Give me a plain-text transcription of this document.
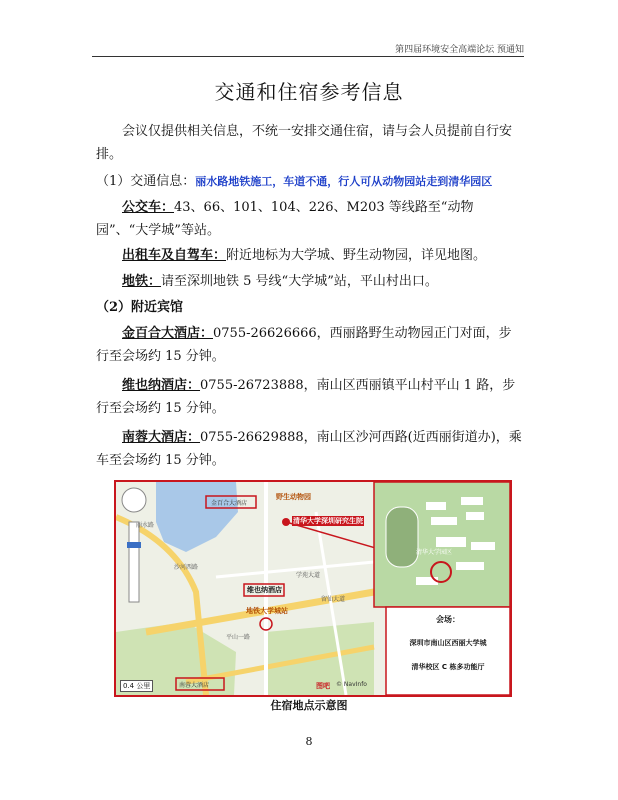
第四届环境安全高端论坛 预通知
交通和住宿参考信息
会议仅提供相关信息，不统一安排交通住宿，请与会人员提前自行安排。
（1）交通信息：丽水路地铁施工，车道不通，行人可从动物园站走到清华园区
公交车：43、66、101、104、226、M203 等线路至“动物园”、“大学城”等站。
出租车及自驾车：附近地标为大学城、野生动物园，详见地图。
地铁：请至深圳地铁 5 号线“大学城”站，平山村出口。
（2）附近宾馆
金百合大酒店：0755-26626666，西丽路野生动物园正门对面，步行至会场约 15 分钟。
维也纳酒店：0755-26723888，南山区西丽镇平山村平山 1 路，步行至会场约 15 分钟。
南蓉大酒店：0755-26629888，南山区沙河西路(近西丽街道办)，乘车至会场约 15 分钟。
野生动物园
清华大学深圳研究生院
维也纳酒店
地铁大学城站
金百合大酒店
南蓉大酒店
学苑大道
留仙大道
沙河西路
丽水路
平山一路
0.4 公里	图吧 © NavInfo
清华大学园区
会场：
深圳市南山区西丽大学城
清华校区 C 栋多功能厅
住宿地点示意图
8
